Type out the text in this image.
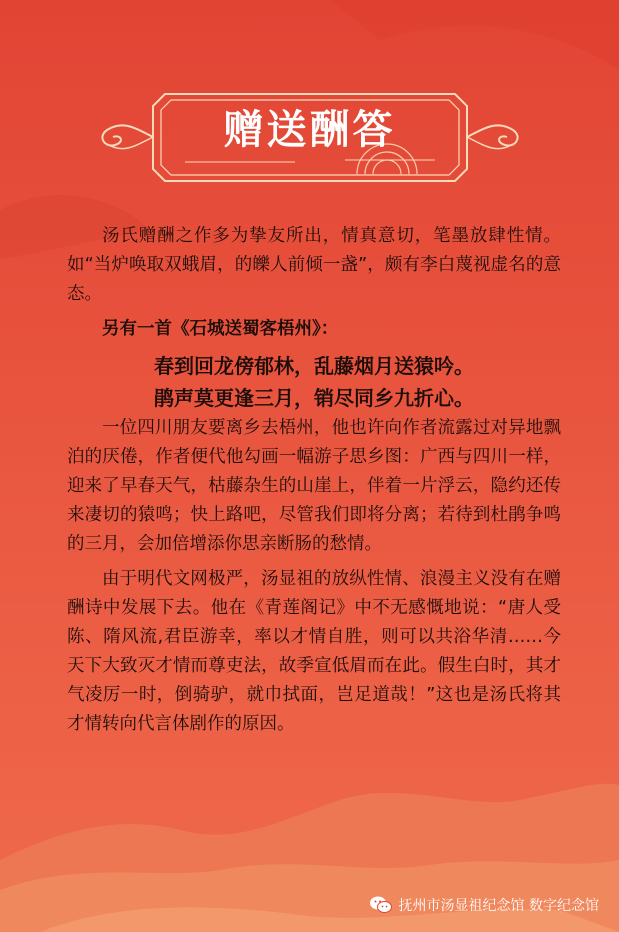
赠送酬答

汤氏赠酬之作多为挚友所出，情真意切，笔墨放肆性情。如“当炉唤取双蛾眉，的皪人前倾一盏”，颇有李白蔑视虚名的意态。

另有一首《石城送蜀客梧州》：

春到回龙傍郁林，乱藤烟月送猿吟。

鹃声莫更逢三月，销尽同乡九折心。

一位四川朋友要离乡去梧州，他也许向作者流露过对异地飘泊的厌倦，作者便代他勾画一幅游子思乡图：广西与四川一样，迎来了早春天气，枯藤杂生的山崖上，伴着一片浮云，隐约还传来凄切的猿鸣；快上路吧，尽管我们即将分离；若待到杜鹃争鸣的三月，会加倍增添你思亲断肠的愁情。

由于明代文网极严，汤显祖的放纵性情、浪漫主义没有在赠酬诗中发展下去。他在《青莲阁记》中不无感慨地说：“唐人受陈、隋风流,君臣游幸，率以才情自胜，则可以共浴华清……今天下大致灭才情而尊吏法，故季宣低眉而在此。假生白时，其才气凌厉一时，倒骑驴，就巾拭面，岂足道哉！”这也是汤氏将其才情转向代言体剧作的原因。

抚州市汤显祖纪念馆 数字纪念馆
